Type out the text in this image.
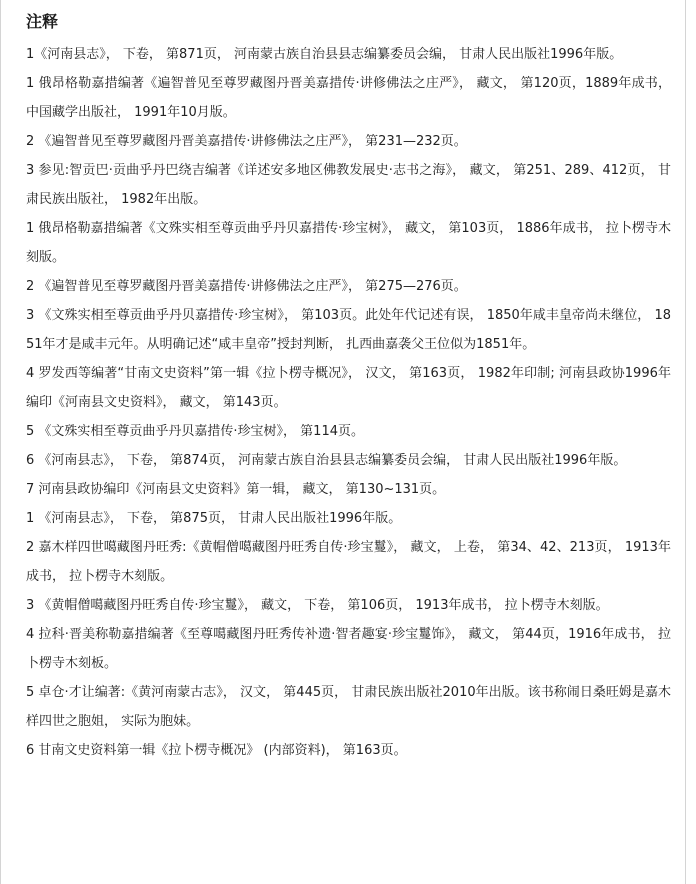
注释
1《河南县志》， 下卷， 第871页， 河南蒙古族自治县县志编纂委员会编， 甘肃人民出版社1996年版。
1 俄昂格勒嘉措编著《遍智普见至尊罗藏图丹晋美嘉措传·讲修佛法之庄严》， 藏文， 第120页，1889年成书， 中国藏学出版社， 1991年10月版。
2 《遍智普见至尊罗藏图丹晋美嘉措传·讲修佛法之庄严》， 第231—232页。
3 参见:智贡巴·贡曲乎丹巴绕吉编著《详述安多地区佛教发展史·志书之海》， 藏文， 第251、289、412页， 甘肃民族出版社， 1982年出版。
1 俄昂格勒嘉措编著《文殊实相至尊贡曲乎丹贝嘉措传·珍宝树》， 藏文， 第103页， 1886年成书， 拉卜楞寺木刻版。
2 《遍智普见至尊罗藏图丹晋美嘉措传·讲修佛法之庄严》， 第275—276页。
3 《文殊实相至尊贡曲乎丹贝嘉措传·珍宝树》， 第103页。此处年代记述有误， 1850年咸丰皇帝尚未继位， 1851年才是咸丰元年。从明确记述“咸丰皇帝”授封判断， 扎西曲嘉袭父王位似为1851年。
4 罗发西等编著“甘南文史资料”第一辑《拉卜楞寺概况》， 汉文， 第163页， 1982年印制; 河南县政协1996年编印《河南县文史资料》， 藏文， 第143页。
5 《文殊实相至尊贡曲乎丹贝嘉措传·珍宝树》， 第114页。
6 《河南县志》， 下卷， 第874页， 河南蒙古族自治县县志编纂委员会编， 甘肃人民出版社1996年版。
7 河南县政协编印《河南县文史资料》第一辑， 藏文， 第130~131页。
1 《河南县志》， 下卷， 第875页， 甘肃人民出版社1996年版。
2 嘉木样四世噶藏图丹旺秀:《黄帽僧噶藏图丹旺秀自传·珍宝鬘》， 藏文， 上卷， 第34、42、213页， 1913年成书， 拉卜楞寺木刻版。
3 《黄帽僧噶藏图丹旺秀自传·珍宝鬘》， 藏文， 下卷， 第106页， 1913年成书， 拉卜楞寺木刻版。
4 拉科·晋美称勒嘉措编著《至尊噶藏图丹旺秀传补遗·智者趣宴·珍宝鬘饰》， 藏文， 第44页，1916年成书， 拉卜楞寺木刻板。
5 卓仓·才让编著:《黄河南蒙古志》， 汉文， 第445页， 甘肃民族出版社2010年出版。该书称闹日桑旺姆是嘉木样四世之胞姐， 实际为胞妹。
6 甘南文史资料第一辑《拉卜楞寺概况》 (内部资料)， 第163页。
